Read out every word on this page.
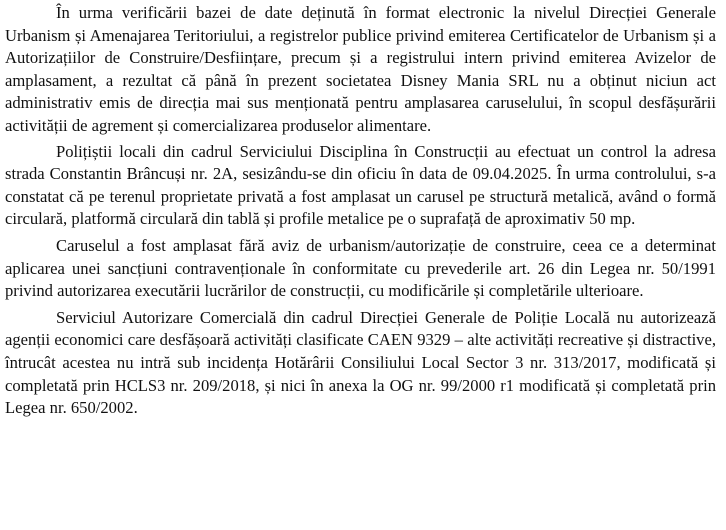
În urma verificării bazei de date deținută în format electronic la nivelul Direcției Generale Urbanism și Amenajarea Teritoriului, a registrelor publice privind emiterea Certificatelor de Urbanism și a Autorizațiilor de Construire/Desființare, precum și a registrului intern privind emiterea Avizelor de amplasament, a rezultat că până în prezent societatea Disney Mania SRL nu a obținut niciun act administrativ emis de direcția mai sus menționată pentru amplasarea caruselului, în scopul desfășurării activității de agrement și comercializarea produselor alimentare.

Polițiștii locali din cadrul Serviciului Disciplina în Construcții au efectuat un control la adresa strada Constantin Brâncuși nr. 2A, sesizându-se din oficiu în data de 09.04.2025. În urma controlului, s-a constatat că pe terenul proprietate privată a fost amplasat un carusel pe structură metalică, având o formă circulară, platformă circulară din tablă și profile metalice pe o suprafață de aproximativ 50 mp.

Caruselul a fost amplasat fără aviz de urbanism/autorizație de construire, ceea ce a determinat aplicarea unei sancțiuni contravenționale în conformitate cu prevederile art. 26 din Legea nr. 50/1991 privind autorizarea executării lucrărilor de construcții, cu modificările și completările ulterioare.

Serviciul Autorizare Comercială din cadrul Direcției Generale de Poliție Locală nu autorizează agenții economici care desfășoară activități clasificate CAEN 9329 – alte activități recreative și distractive, întrucât acestea nu intră sub incidența Hotărârii Consiliului Local Sector 3 nr. 313/2017, modificată și completată prin HCLS3 nr. 209/2018, și nici în anexa la OG nr. 99/2000 r1 modificată și completată prin Legea nr. 650/2002.
